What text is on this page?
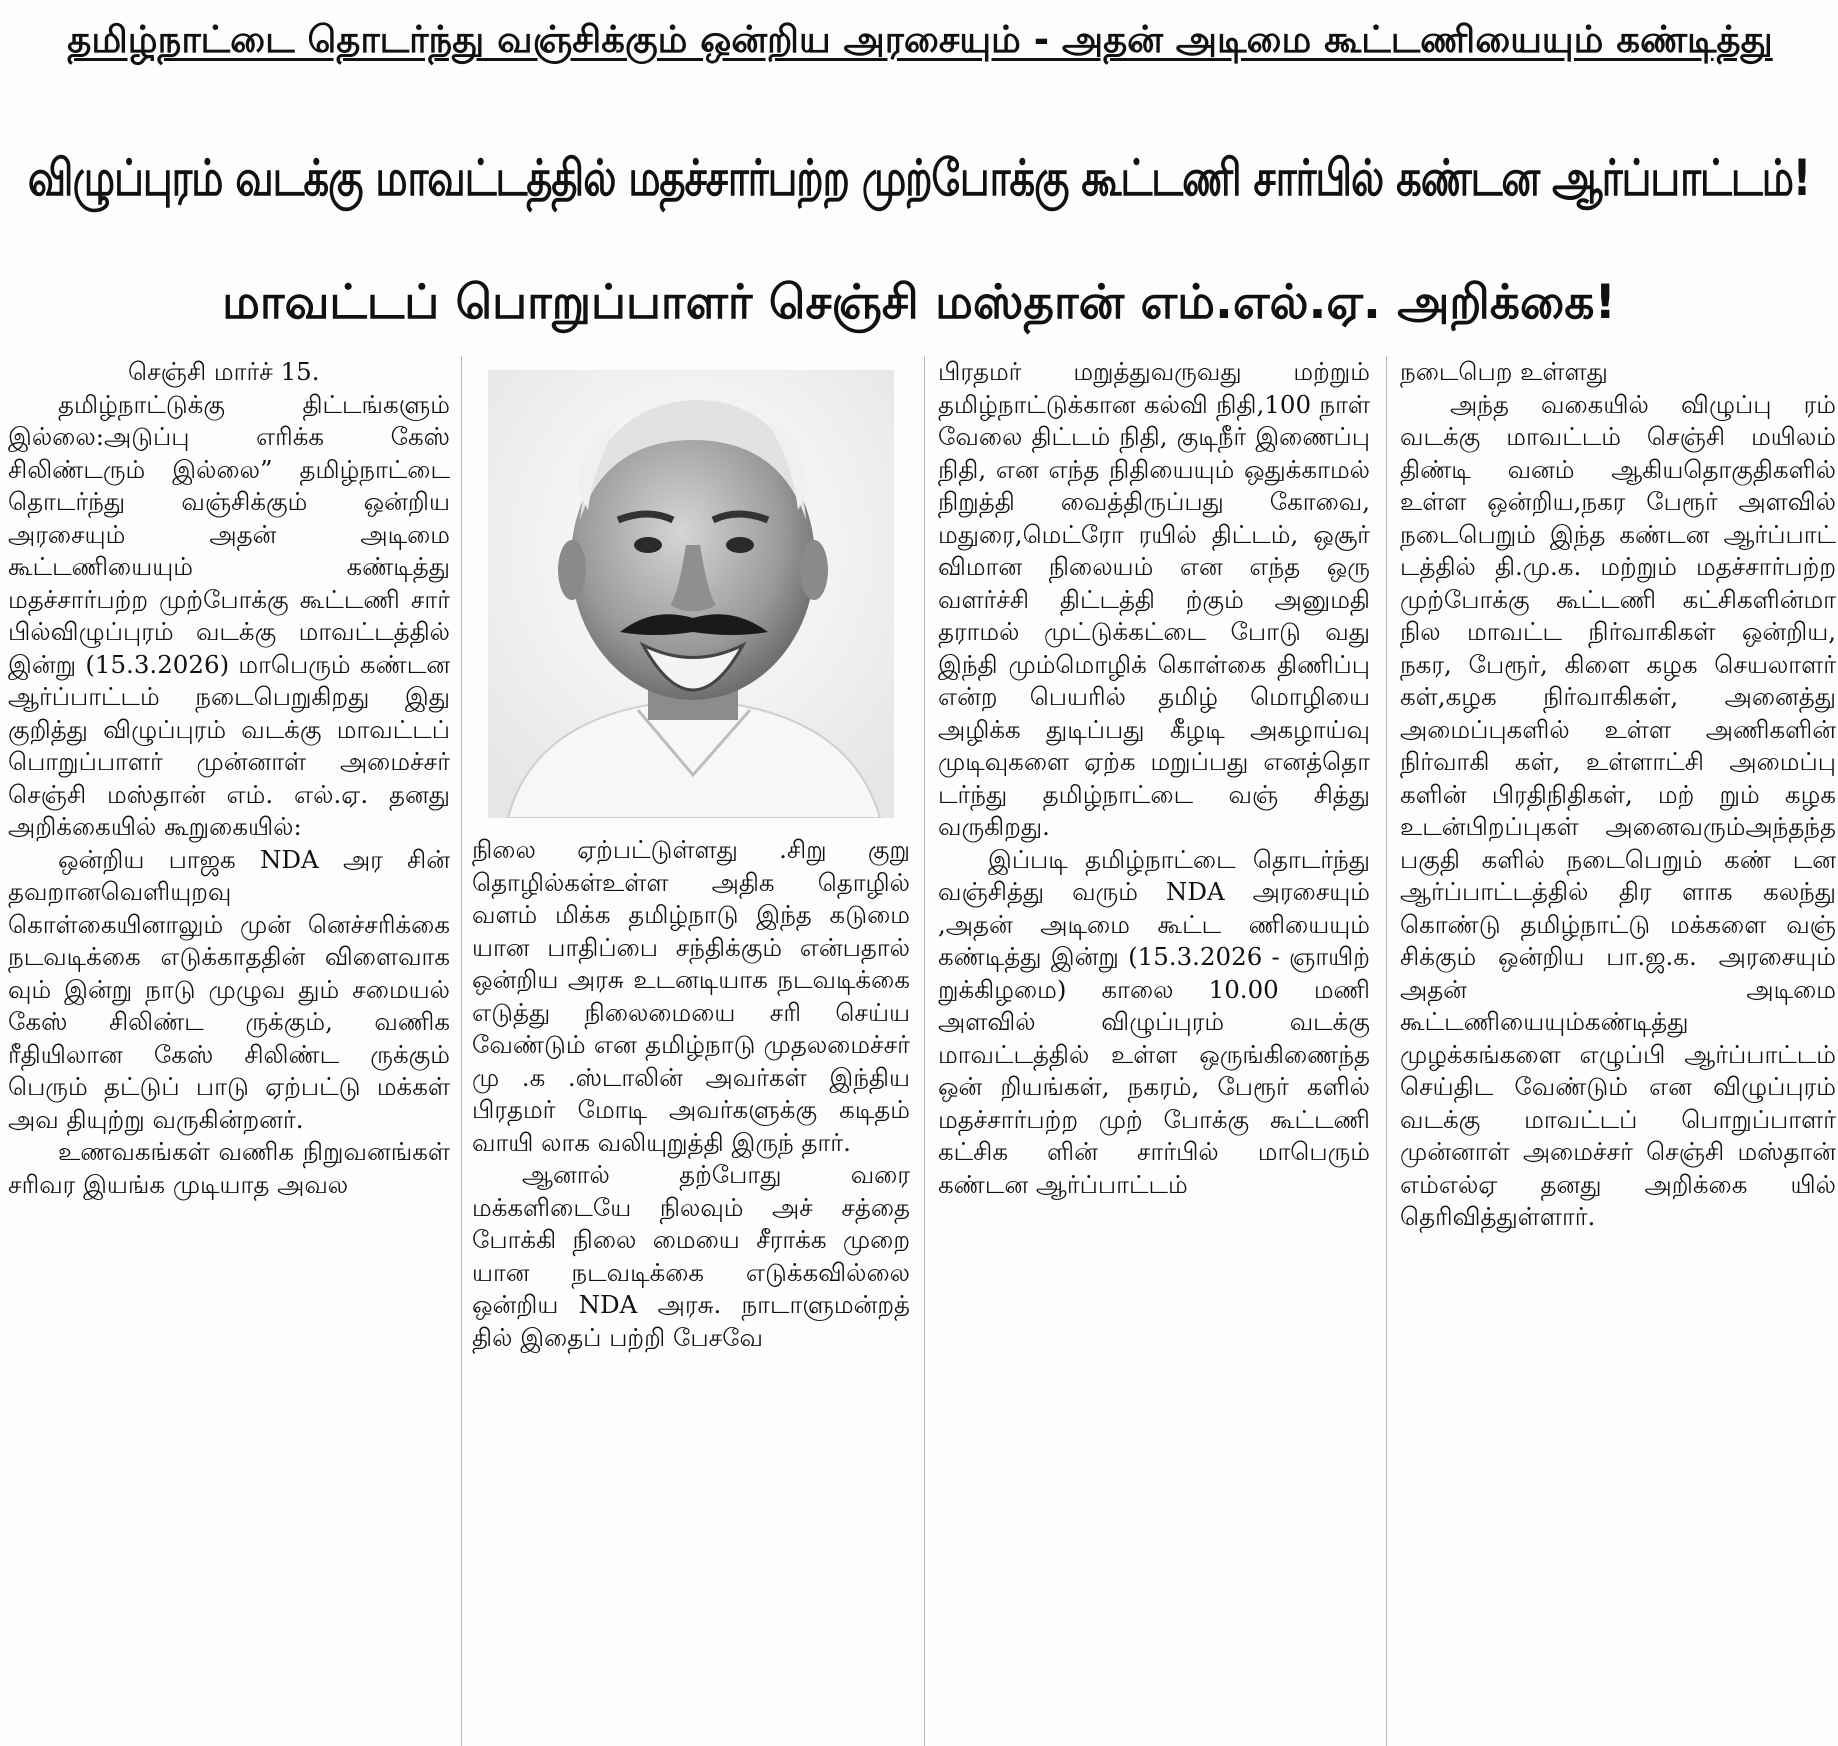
தமிழ்நாட்டை தொடர்ந்து வஞ்சிக்கும் ஒன்றிய அரசையும் - அதன் அடிமை கூட்டணியையும் கண்டித்து
விழுப்புரம் வடக்கு மாவட்டத்தில் மதச்சார்பற்ற முற்போக்கு கூட்டணி சார்பில் கண்டன ஆர்ப்பாட்டம்!
மாவட்டப் பொறுப்பாளர் செஞ்சி மஸ்தான் எம்.எல்.ஏ. அறிக்கை!

செஞ்சி மார்ச் 15.

தமிழ்நாட்டுக்கு திட்டங்களும் இல்லை:அடுப்பு எரிக்க கேஸ் சிலிண்டரும் இல்லை” தமிழ்நாட்டை தொடர்ந்து வஞ்சிக்கும் ஒன்றிய அரசையும் அதன் அடிமை கூட்டணியையும் கண்டித்து மதச்சார்பற்ற முற்போக்கு கூட்டணி சார் பில்விழுப்புரம் வடக்கு மாவட்டத்தில் இன்று (15.3.2026) மாபெரும் கண்டன ஆர்ப்பாட்டம் நடைபெறுகிறது இது குறித்து விழுப்புரம் வடக்கு மாவட்டப் பொறுப்பாளர் முன்னாள் அமைச்சர் செஞ்சி மஸ்தான் எம். எல்.ஏ. தனது அறிக்கையில் கூறுகையில்:

ஒன்றிய பாஜக NDA அர சின் தவறானவெளியுறவு கொள்கையினாலும் முன் னெச்சரிக்கை நடவடிக்கை எடுக்காததின் விளைவாக வும் இன்று நாடு முழுவ தும் சமையல் கேஸ் சிலிண்ட ருக்கும், வணிக ரீதியிலான கேஸ் சிலிண்ட ருக்கும் பெரும் தட்டுப் பாடு ஏற்பட்டு மக்கள் அவ தியுற்று வருகின்றனர்.

உணவகங்கள் வணிக நிறுவனங்கள் சரிவர இயங்க முடியாத அவல

நிலை ஏற்பட்டுள்ளது .சிறு குறு தொழில்கள்உள்ள அதிக தொழில் வளம் மிக்க தமிழ்நாடு இந்த கடுமை யான பாதிப்பை சந்திக்கும் என்பதால் ஒன்றிய அரசு உடனடியாக நடவடிக்கை எடுத்து நிலைமையை சரி செய்ய வேண்டும் என தமிழ்நாடு முதலமைச்சர் மு .க .ஸ்டாலின் அவர்கள் இந்திய பிரதமர் மோடி அவர்களுக்கு கடிதம் வாயி லாக வலியுறுத்தி இருந் தார்.

ஆனால் தற்போது வரை மக்களிடையே நிலவும் அச் சத்தை போக்கி நிலை மையை சீராக்க முறை யான நடவடிக்கை எடுக்கவில்லை ஒன்றிய NDA அரசு. நாடாளுமன்றத் தில் இதைப் பற்றி பேசவே

பிரதமர் மறுத்துவருவது மற்றும் தமிழ்நாட்டுக்கான கல்வி நிதி,100 நாள் வேலை திட்டம் நிதி, குடிநீர் இணைப்பு நிதி, என எந்த நிதியையும் ஒதுக்காமல் நிறுத்தி வைத்திருப்பது கோவை, மதுரை,மெட்ரோ ரயில் திட்டம், ஒசூர் விமான நிலையம் என எந்த ஒரு வளர்ச்சி திட்டத்தி ற்கும் அனுமதி தராமல் முட்டுக்கட்டை போடு வது இந்தி மும்மொழிக் கொள்கை திணிப்பு என்ற பெயரில் தமிழ் மொழியை அழிக்க துடிப்பது கீழடி அகழாய்வு முடிவுகளை ஏற்க மறுப்பது எனத்தொ டர்ந்து தமிழ்நாட்டை வஞ் சித்து வருகிறது.

இப்படி தமிழ்நாட்டை தொடர்ந்து வஞ்சித்து வரும் NDA அரசையும் ,அதன் அடிமை கூட்ட ணியையும் கண்டித்து இன்று (15.3.2026 - ஞாயிற் றுக்கிழமை) காலை 10.00 மணி அளவில் விழுப்புரம் வடக்கு மாவட்டத்தில் உள்ள ஒருங்கிணைந்த ஒன் றியங்கள், நகரம், பேரூர் களில் மதச்சார்பற்ற முற் போக்கு கூட்டணி கட்சிக ளின் சார்பில் மாபெரும் கண்டன ஆர்ப்பாட்டம்

நடைபெற உள்ளது

அந்த வகையில் விழுப்பு ரம் வடக்கு மாவட்டம் செஞ்சி மயிலம் திண்டி வனம் ஆகியதொகுதிகளில் உள்ள ஒன்றிய,நகர பேரூர் அளவில் நடைபெறும் இந்த கண்டன ஆர்ப்பாட் டத்தில் தி.மு.க. மற்றும் மதச்சார்பற்ற முற்போக்கு கூட்டணி கட்சிகளின்மா நில மாவட்ட நிர்வாகிகள் ஒன்றிய, நகர, பேரூர், கிளை கழக செயலாளர் கள்,கழக நிர்வாகிகள், அனைத்து அமைப்புகளில் உள்ள அணிகளின் நிர்வாகி கள், உள்ளாட்சி அமைப்பு களின் பிரதிநிதிகள், மற் றும் கழக உடன்பிறப்புகள் அனைவரும்அந்தந்த பகுதி களில் நடைபெறும் கண் டன ஆர்ப்பாட்டத்தில் திர ளாக கலந்து கொண்டு தமிழ்நாட்டு மக்களை வஞ் சிக்கும் ஒன்றிய பா.ஜ.க. அரசையும் அதன் அடிமை கூட்டணியையும்கண்டித்து முழக்கங்களை எழுப்பி ஆர்ப்பாட்டம் செய்திட வேண்டும் என விழுப்புரம் வடக்கு மாவட்டப் பொறுப்பாளர் முன்னாள் அமைச்சர் செஞ்சி மஸ்தான் எம்எல்ஏ தனது அறிக்கை யில் தெரிவித்துள்ளார்.
